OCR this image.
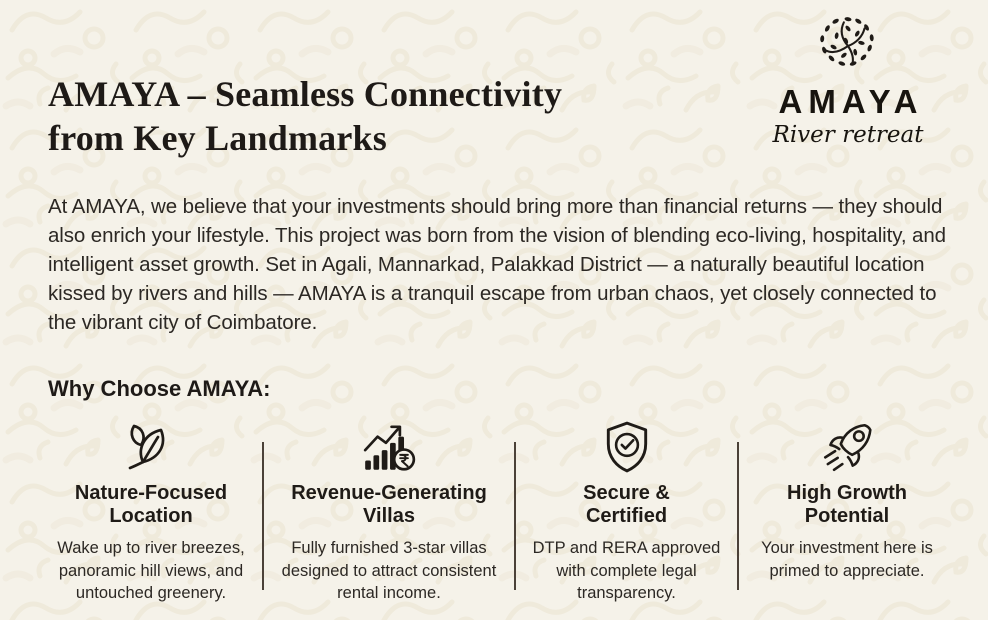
AMAYA – Seamless Connectivity
from Key Landmarks
AMAYA
River retreat

At AMAYA, we believe that your investments should bring more than financial returns — they should also enrich your lifestyle. This project was born from the vision of blending eco-living, hospitality, and intelligent asset growth. Set in Agali, Mannarkad, Palakkad District — a naturally beautiful location kissed by rivers and hills — AMAYA is a tranquil escape from urban chaos, yet closely connected to the vibrant city of Coimbatore.

Why Choose AMAYA:
Nature-Focused
Location
Wake up to river breezes, panoramic hill views, and untouched greenery.
Revenue-Generating
Villas
Fully furnished 3-star villas designed to attract consistent rental income.
Secure &
Certified
DTP and RERA approved with complete legal transparency.
High Growth
Potential
Your investment here is primed to appreciate.
